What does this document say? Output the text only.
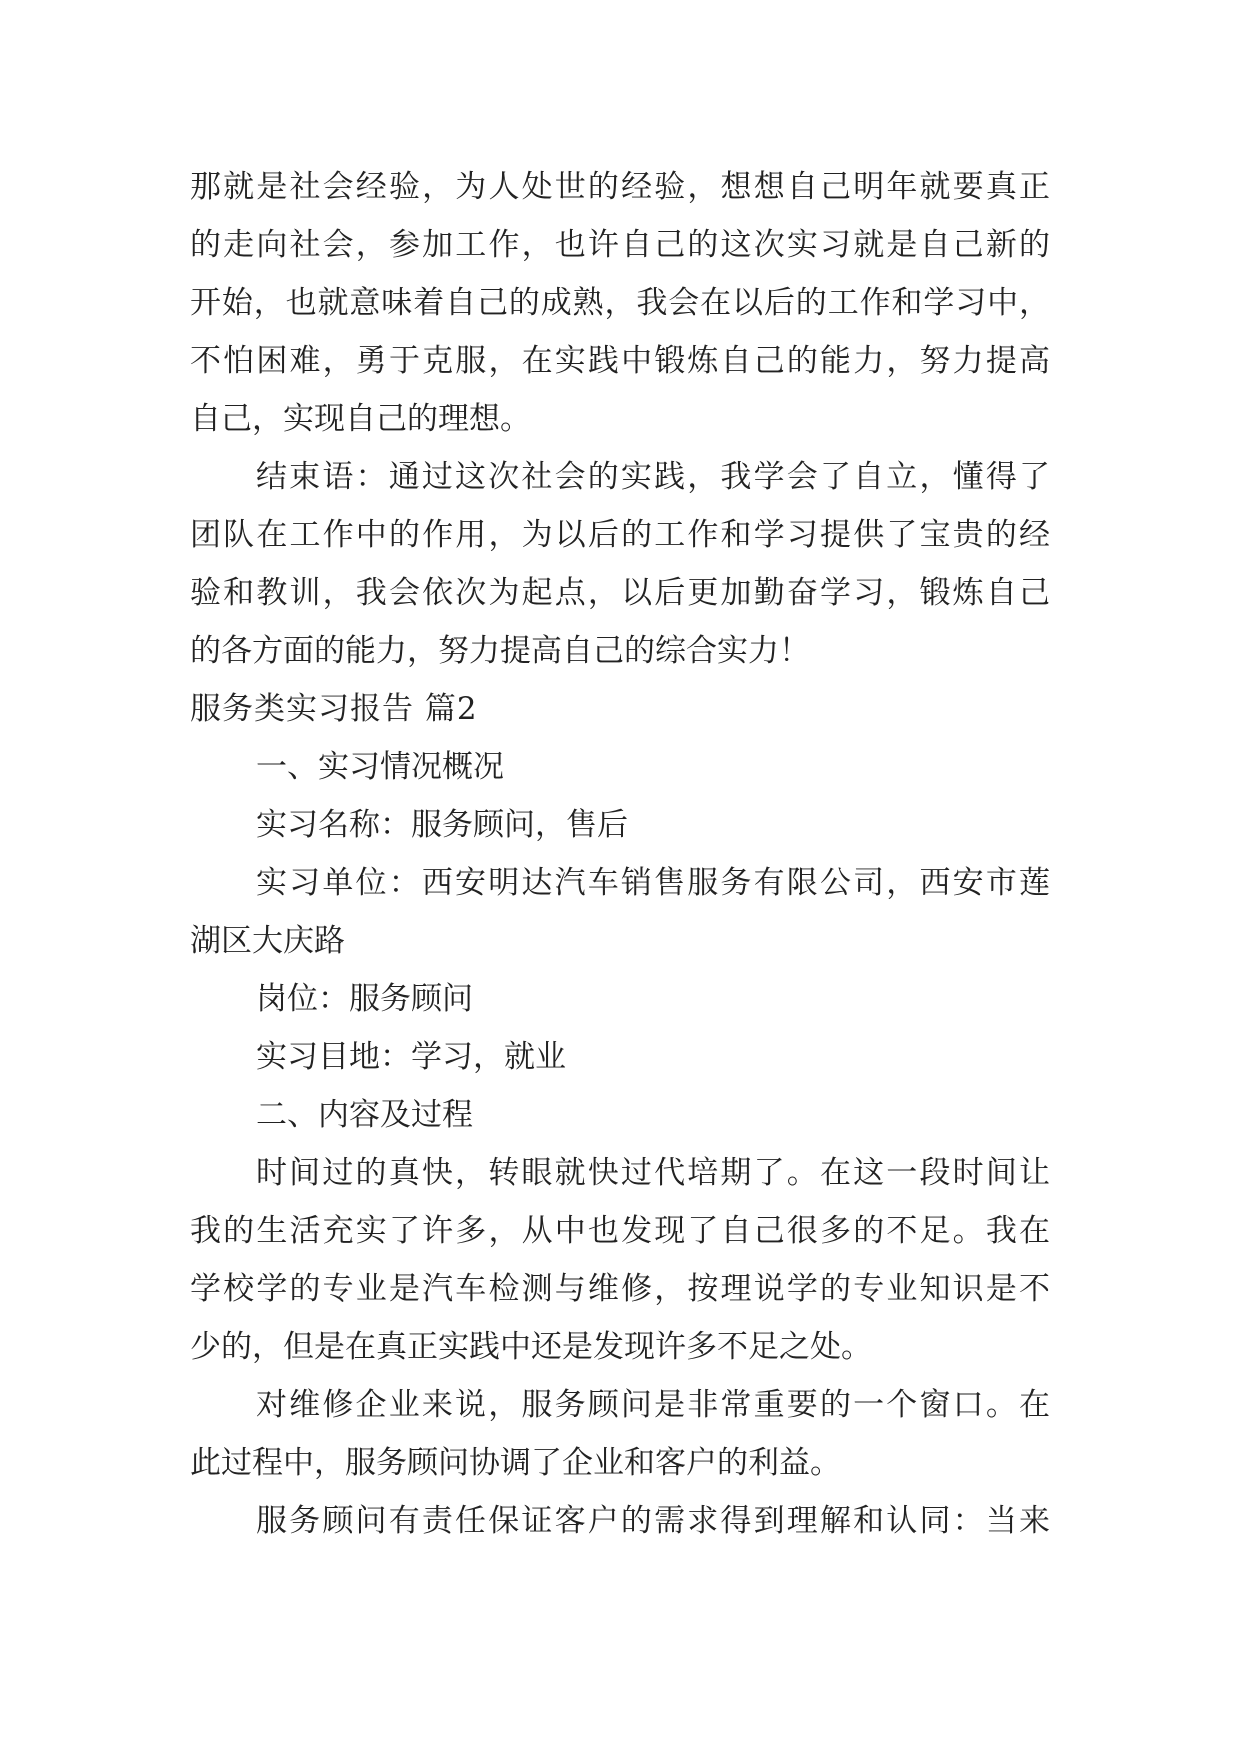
那就是社会经验，为人处世的经验，想想自己明年就要真正
的走向社会，参加工作，也许自己的这次实习就是自己新的
开始，也就意味着自己的成熟，我会在以后的工作和学习中，
不怕困难，勇于克服，在实践中锻炼自己的能力，努力提高
自己，实现自己的理想。
结束语：通过这次社会的实践，我学会了自立，懂得了
团队在工作中的作用，为以后的工作和学习提供了宝贵的经
验和教训，我会依次为起点，以后更加勤奋学习，锻炼自己
的各方面的能力，努力提高自己的综合实力！
服务类实习报告 篇2
一、实习情况概况
实习名称：服务顾问，售后
实习单位：西安明达汽车销售服务有限公司，西安市莲
湖区大庆路
岗位：服务顾问
实习目地：学习，就业
二、内容及过程
时间过的真快，转眼就快过代培期了。在这一段时间让
我的生活充实了许多，从中也发现了自己很多的不足。我在
学校学的专业是汽车检测与维修，按理说学的专业知识是不
少的，但是在真正实践中还是发现许多不足之处。
对维修企业来说，服务顾问是非常重要的一个窗口。在
此过程中，服务顾问协调了企业和客户的利益。
服务顾问有责任保证客户的需求得到理解和认同：当来
